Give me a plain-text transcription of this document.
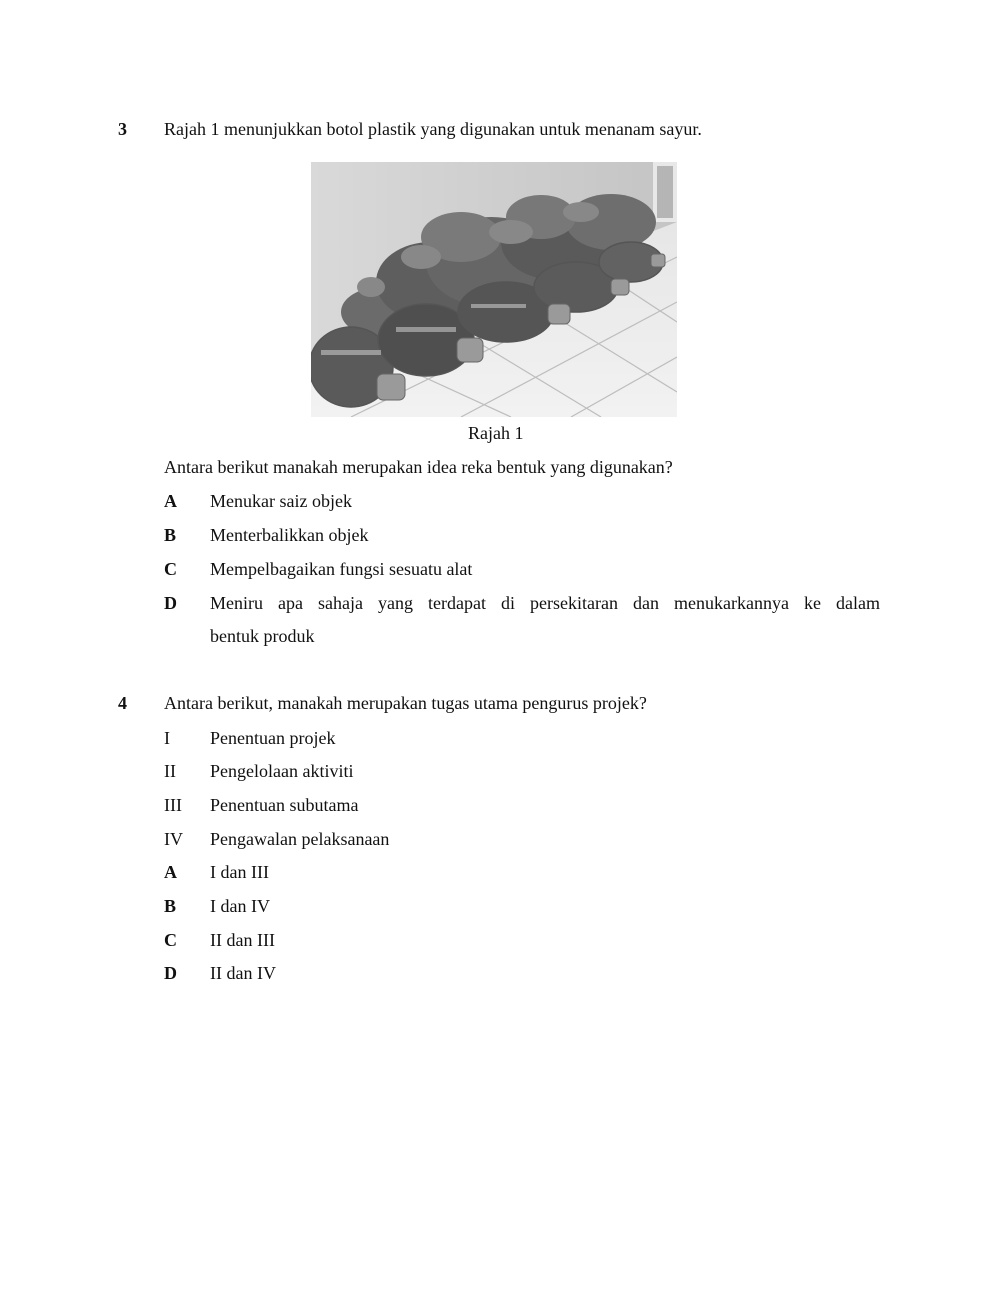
3 Rajah 1 menunjukkan botol plastik yang digunakan untuk menanam sayur.
Rajah 1
Antara berikut manakah merupakan idea reka bentuk yang digunakan?
A Menukar saiz objek
B Menterbalikkan objek
C Mempelbagaikan fungsi sesuatu alat
D Meniru apa sahaja yang terdapat di persekitaran dan menukarkannya ke dalam
bentuk produk
4 Antara berikut, manakah merupakan tugas utama pengurus projek?
I Penentuan projek
II Pengelolaan aktiviti
III Penentuan subutama
IV Pengawalan pelaksanaan
A I dan III
B I dan IV
C II dan III
D II dan IV
